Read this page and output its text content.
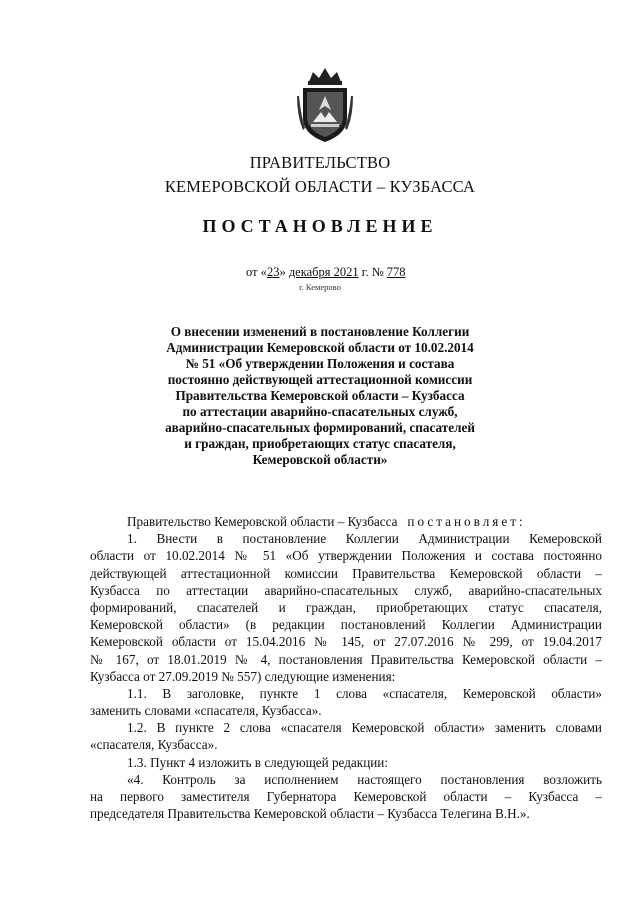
ПРАВИТЕЛЬСТВО
КЕМЕРОВСКОЙ ОБЛАСТИ – КУЗБАССА
ПОСТАНОВЛЕНИЕ
от «23» декабря 2021 г. № 778
г. Кемерово
О внесении изменений в постановление Коллегии
Администрации Кемеровской области от 10.02.2014
№ 51 «Об утверждении Положения и состава
постоянно действующей аттестационной комиссии
Правительства Кемеровской области – Кузбасса
по аттестации аварийно-спасательных служб,
аварийно-спасательных формирований, спасателей
и граждан, приобретающих статус спасателя,
Кемеровской области»
Правительство Кемеровской области – Кузбасса постановляет:
1. Внести в постановление Коллегии Администрации Кемеровской
области от 10.02.2014 № 51 «Об утверждении Положения и состава постоянно
действующей аттестационной комиссии Правительства Кемеровской области –
Кузбасса по аттестации аварийно-спасательных служб, аварийно-спасательных
формирований, спасателей и граждан, приобретающих статус спасателя,
Кемеровской области» (в редакции постановлений Коллегии Администрации
Кемеровской области от 15.04.2016 № 145, от 27.07.2016 № 299, от 19.04.2017
№ 167, от 18.01.2019 № 4, постановления Правительства Кемеровской области –
Кузбасса от 27.09.2019 № 557) следующие изменения:
1.1. В заголовке, пункте 1 слова «спасателя, Кемеровской области»
заменить словами «спасателя, Кузбасса».
1.2. В пункте 2 слова «спасателя Кемеровской области» заменить словами
«спасателя, Кузбасса».
1.3. Пункт 4 изложить в следующей редакции:
«4. Контроль за исполнением настоящего постановления возложить
на первого заместителя Губернатора Кемеровской области – Кузбасса –
председателя Правительства Кемеровской области – Кузбасса Телегина В.Н.».
